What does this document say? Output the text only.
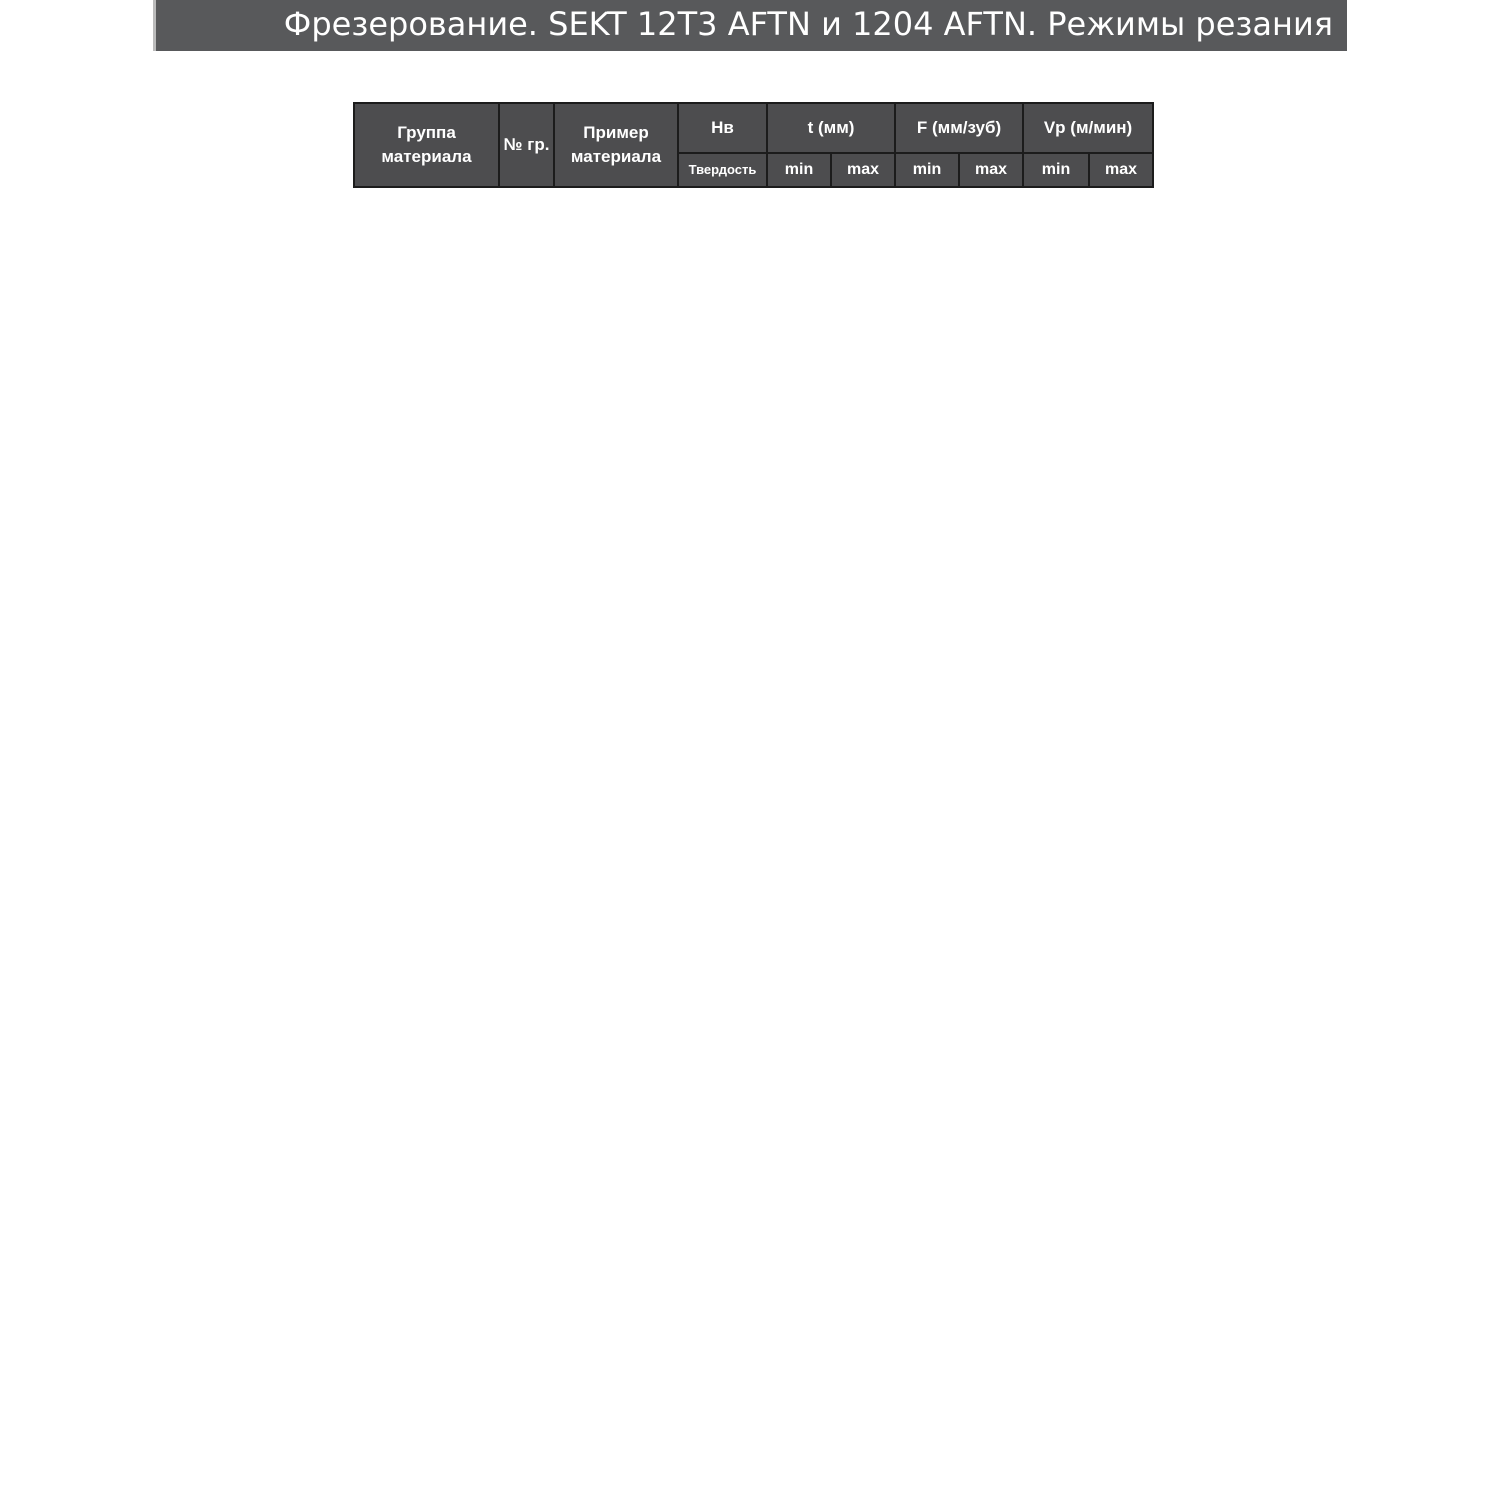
Фрезерование. SEKT 12T3 AFTN и 1204 AFTN. Режимы резания
Группа материала	№ гр.	Пример материала	Нв	t (мм)		F (мм/зуб)		Vp (м/мин)	
			Твердость	min	max	min	max	min	max
